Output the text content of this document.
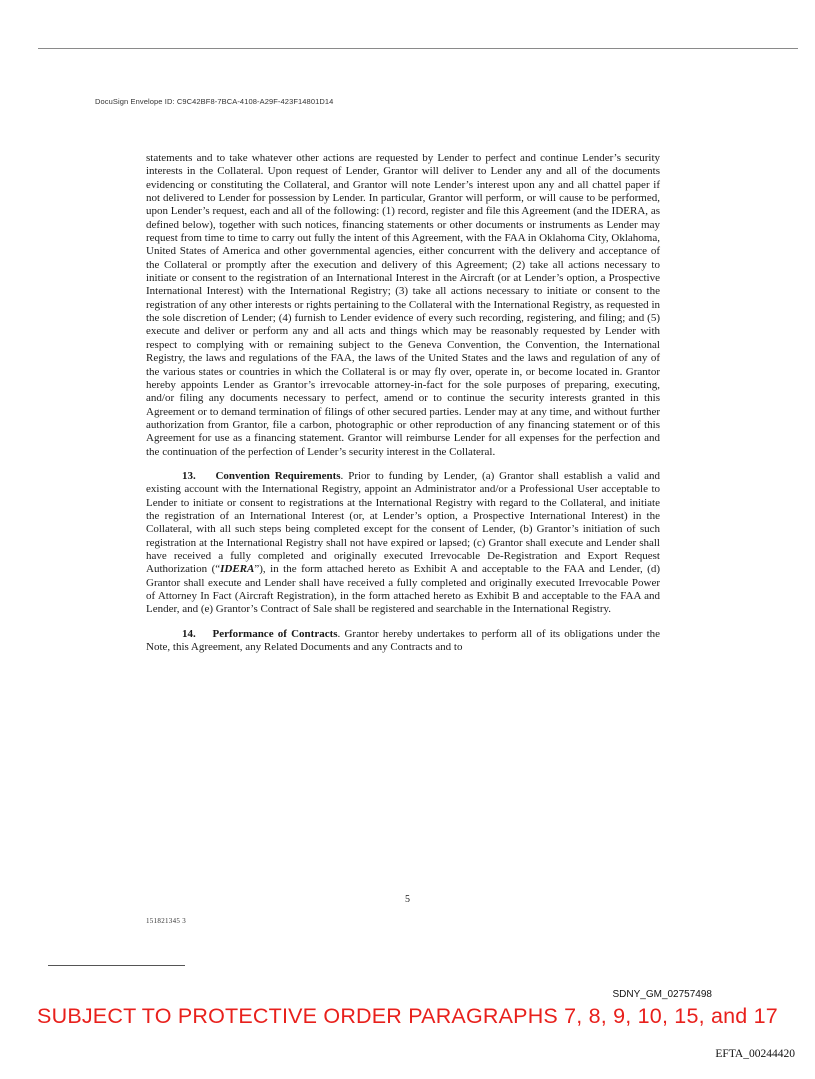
DocuSign Envelope ID: C9C42BF8-7BCA-4108-A29F-423F14801D14

statements and to take whatever other actions are requested by Lender to perfect and continue Lender’s security interests in the Collateral. Upon request of Lender, Grantor will deliver to Lender any and all of the documents evidencing or constituting the Collateral, and Grantor will note Lender’s interest upon any and all chattel paper if not delivered to Lender for possession by Lender. In particular, Grantor will perform, or will cause to be performed, upon Lender’s request, each and all of the following: (1) record, register and file this Agreement (and the IDERA, as defined below), together with such notices, financing statements or other documents or instruments as Lender may request from time to time to carry out fully the intent of this Agreement, with the FAA in Oklahoma City, Oklahoma, United States of America and other governmental agencies, either concurrent with the delivery and acceptance of the Collateral or promptly after the execution and delivery of this Agreement; (2) take all actions necessary to initiate or consent to the registration of an International Interest in the Aircraft (or at Lender’s option, a Prospective International Interest) with the International Registry; (3) take all actions necessary to initiate or consent to the registration of any other interests or rights pertaining to the Collateral with the International Registry, as requested in the sole discretion of Lender; (4) furnish to Lender evidence of every such recording, registering, and filing; and (5) execute and deliver or perform any and all acts and things which may be reasonably requested by Lender with respect to complying with or remaining subject to the Geneva Convention, the Convention, the International Registry, the laws and regulations of the FAA, the laws of the United States and the laws and regulation of any of the various states or countries in which the Collateral is or may fly over, operate in, or become located in. Grantor hereby appoints Lender as Grantor’s irrevocable attorney-in-fact for the sole purposes of preparing, executing, and/or filing any documents necessary to perfect, amend or to continue the security interests granted in this Agreement or to demand termination of filings of other secured parties. Lender may at any time, and without further authorization from Grantor, file a carbon, photographic or other reproduction of any financing statement or of this Agreement for use as a financing statement. Grantor will reimburse Lender for all expenses for the perfection and the continuation of the perfection of Lender’s security interest in the Collateral.

13. Convention Requirements. Prior to funding by Lender, (a) Grantor shall establish a valid and existing account with the International Registry, appoint an Administrator and/or a Professional User acceptable to Lender to initiate or consent to registrations at the International Registry with regard to the Collateral, and initiate the registration of an International Interest (or, at Lender’s option, a Prospective International Interest) in the Collateral, with all such steps being completed except for the consent of Lender, (b) Grantor’s initiation of such registration at the International Registry shall not have expired or lapsed; (c) Grantor shall execute and Lender shall have received a fully completed and originally executed Irrevocable De-Registration and Export Request Authorization (“IDERA”), in the form attached hereto as Exhibit A and acceptable to the FAA and Lender, (d) Grantor shall execute and Lender shall have received a fully completed and originally executed Irrevocable Power of Attorney In Fact (Aircraft Registration), in the form attached hereto as Exhibit B and acceptable to the FAA and Lender, and (e) Grantor’s Contract of Sale shall be registered and searchable in the International Registry.

14. Performance of Contracts. Grantor hereby undertakes to perform all of its obligations under the Note, this Agreement, any Related Documents and any Contracts and to

5
151821345 3
SDNY_GM_02757498
SUBJECT TO PROTECTIVE ORDER PARAGRAPHS 7, 8, 9, 10, 15, and 17
EFTA_00244420
